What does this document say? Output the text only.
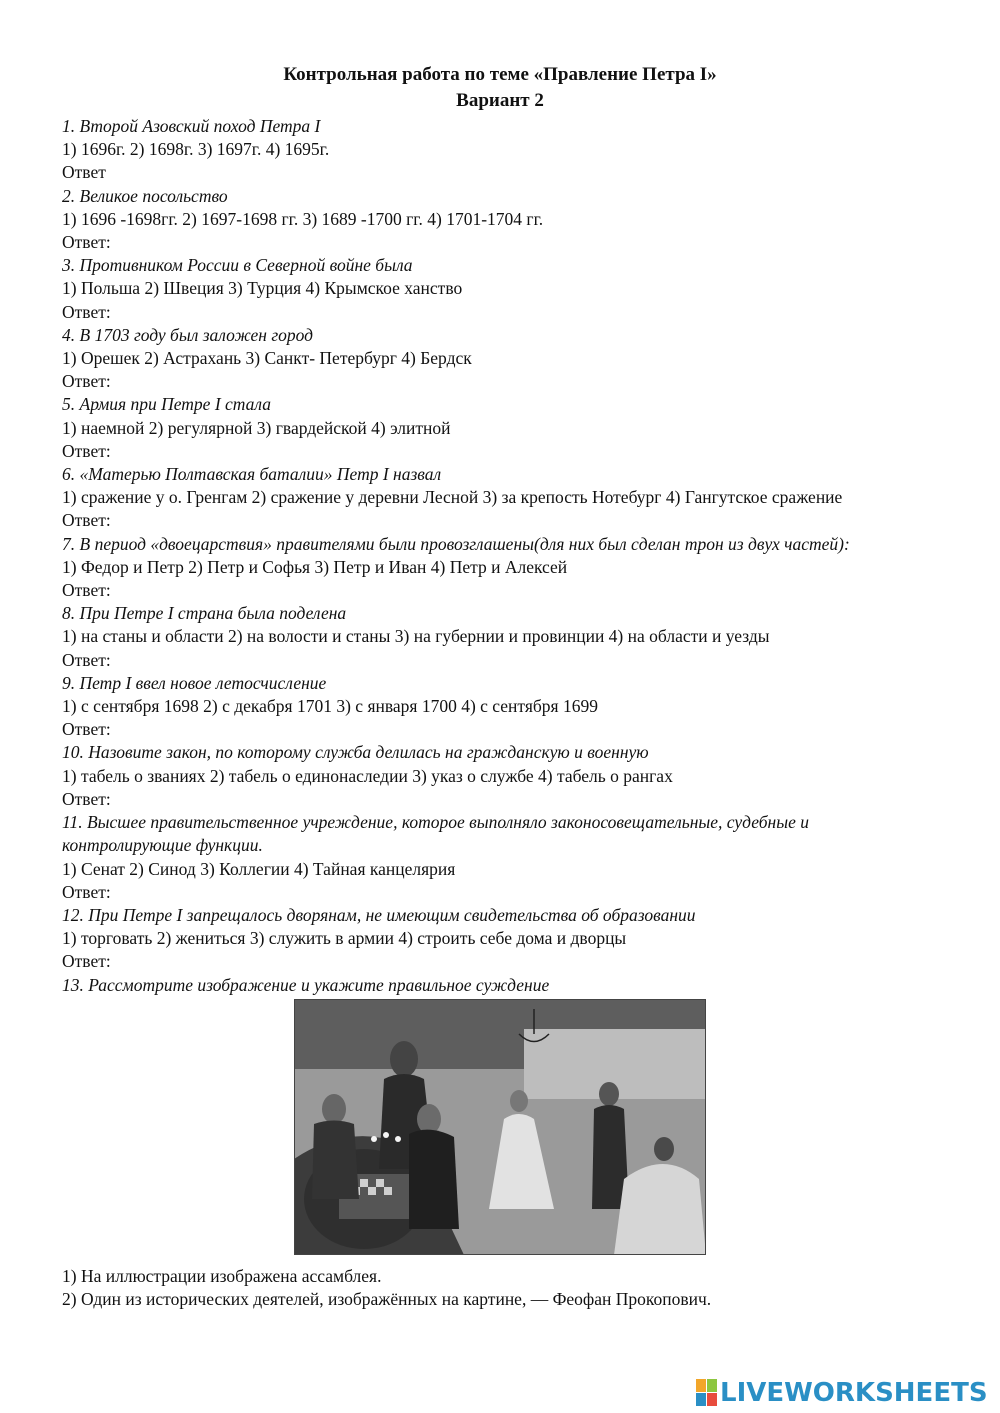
Контрольная работа по теме «Правление Петра I»
Вариант 2
1. Второй Азовский поход Петра I
1) 1696г. 2) 1698г. 3) 1697г. 4) 1695г.
Ответ
2. Великое посольство
1) 1696 -1698гг. 2) 1697-1698 гг. 3) 1689 -1700 гг. 4) 1701-1704 гг.
Ответ:
3. Противником России в Северной войне была
1) Польша 2) Швеция 3) Турция 4) Крымское ханство
Ответ:
4. В 1703 году был заложен город
1) Орешек 2) Астрахань 3) Санкт- Петербург 4) Бердск
Ответ:
5. Армия при Петре I стала
1) наемной 2) регулярной 3) гвардейской 4) элитной
Ответ:
6. «Матерью Полтавская баталии» Петр I назвал
1) сражение у о. Гренгам 2) сражение у деревни Лесной 3) за крепость Нотебург 4) Гангутское сражение
Ответ:
7. В период «двоецарствия» правителями были провозглашены(для них был сделан трон из двух частей):
1) Федор и Петр 2) Петр и Софья 3) Петр и Иван 4) Петр и Алексей
Ответ:
8. При Петре I страна была поделена
1) на станы и области 2) на волости и станы 3) на губернии и провинции 4) на области и уезды
Ответ:
9. Петр I ввел новое летосчисление
1) с сентября 1698 2) с декабря 1701 3) с января 1700 4) с сентября 1699
Ответ:
10. Назовите закон, по которому служба делилась на гражданскую и военную
1) табель о званиях 2) табель о единонаследии 3) указ о службе 4) табель о рангах
Ответ:
11. Высшее правительственное учреждение, которое выполняло законосовещательные, судебные и контролирующие функции.
1) Сенат 2) Синод 3) Коллегии 4) Тайная канцелярия
Ответ:
12. При Петре I запрещалось дворянам, не имеющим свидетельства об образовании
1) торговать 2) жениться 3) служить в армии 4) строить себе дома и дворцы
Ответ:
13. Рассмотрите изображение и укажите правильное суждение
1) На иллюстрации изображена ассамблея.
2) Один из исторических деятелей, изображённых на картине, — Феофан Прокопович.
LIVEWORKSHEETS
